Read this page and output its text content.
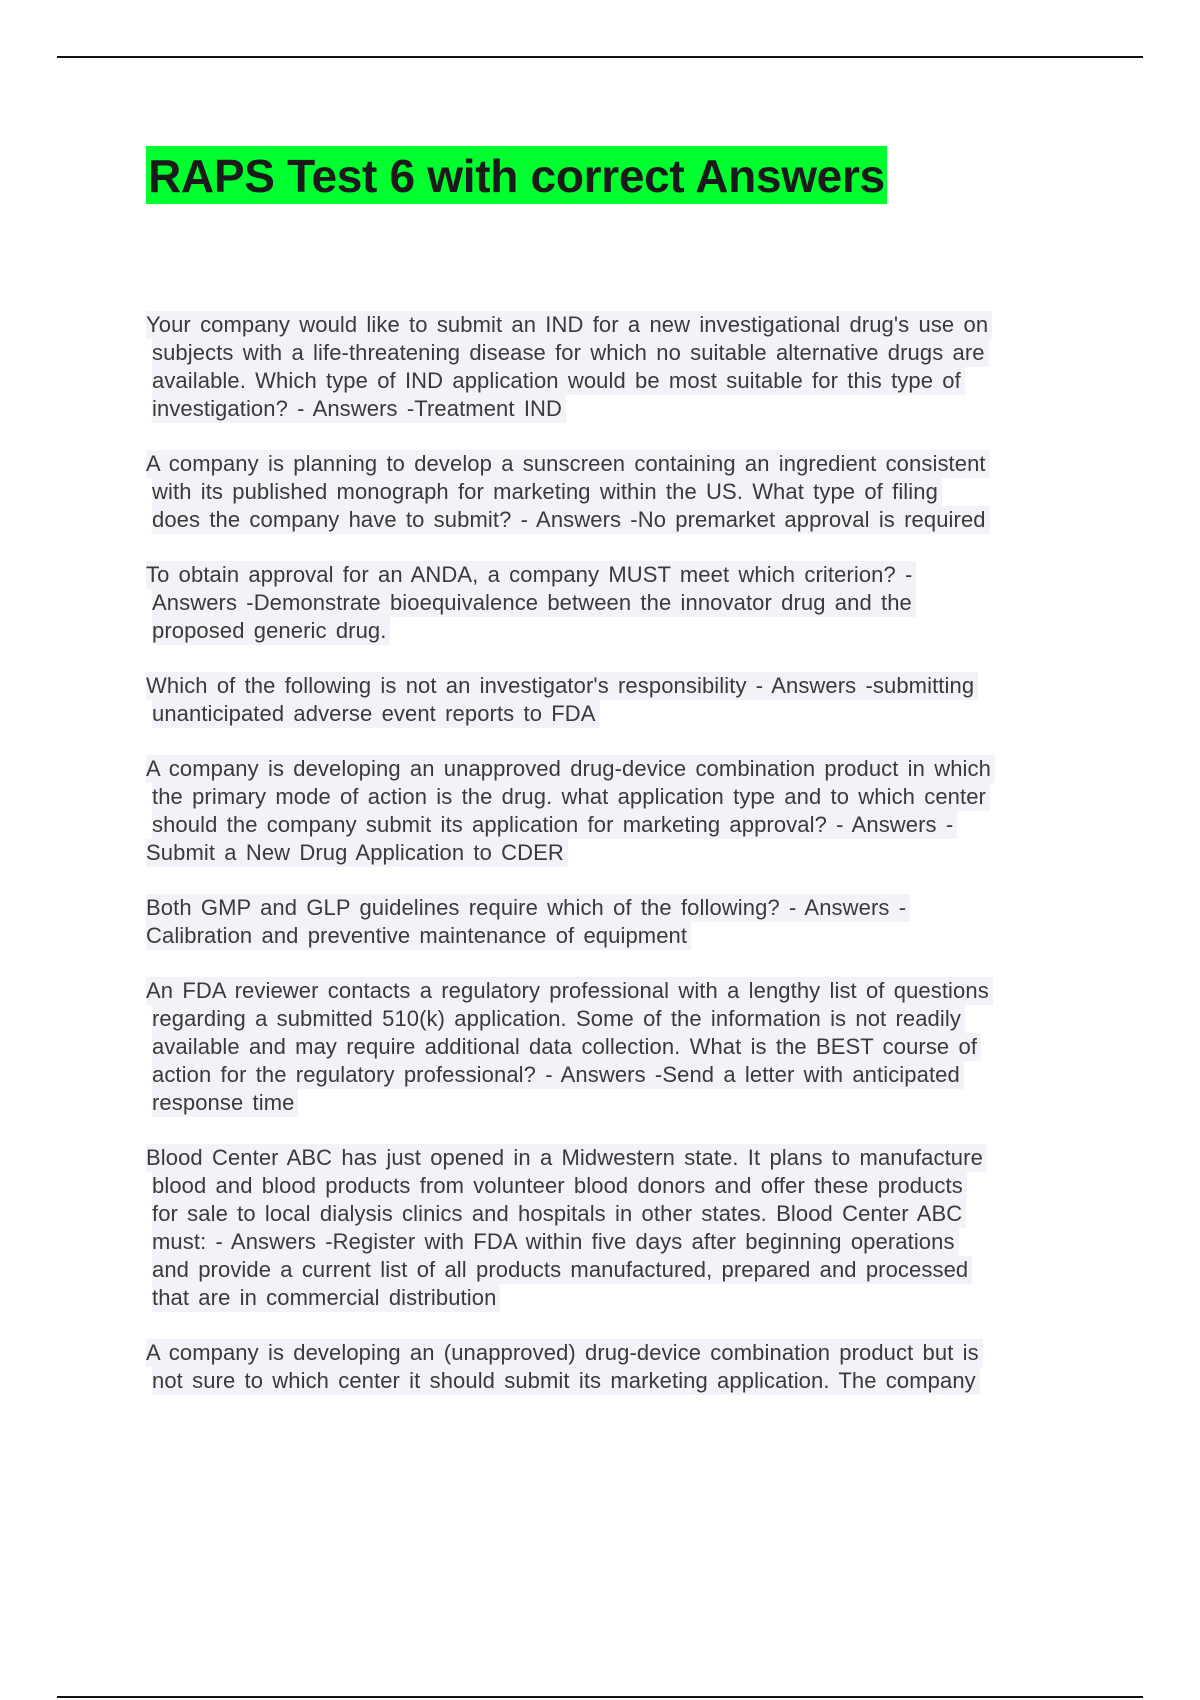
RAPS Test 6 with correct Answers
Your company would like to submit an IND for a new investigational drug's use on
subjects with a life-threatening disease for which no suitable alternative drugs are
available. Which type of IND application would be most suitable for this type of
investigation? - Answers -Treatment IND
A company is planning to develop a sunscreen containing an ingredient consistent
with its published monograph for marketing within the US. What type of filing
does the company have to submit? - Answers -No premarket approval is required
To obtain approval for an ANDA, a company MUST meet which criterion? -
Answers -Demonstrate bioequivalence between the innovator drug and the
proposed generic drug.
Which of the following is not an investigator's responsibility - Answers -submitting
unanticipated adverse event reports to FDA
A company is developing an unapproved drug-device combination product in which
the primary mode of action is the drug. what application type and to which center
should the company submit its application for marketing approval? - Answers -
Submit a New Drug Application to CDER
Both GMP and GLP guidelines require which of the following? - Answers -
Calibration and preventive maintenance of equipment
An FDA reviewer contacts a regulatory professional with a lengthy list of questions
regarding a submitted 510(k) application. Some of the information is not readily
available and may require additional data collection. What is the BEST course of
action for the regulatory professional? - Answers -Send a letter with anticipated
response time
Blood Center ABC has just opened in a Midwestern state. It plans to manufacture
blood and blood products from volunteer blood donors and offer these products
for sale to local dialysis clinics and hospitals in other states. Blood Center ABC
must: - Answers -Register with FDA within five days after beginning operations
and provide a current list of all products manufactured, prepared and processed
that are in commercial distribution
A company is developing an (unapproved) drug-device combination product but is
not sure to which center it should submit its marketing application. The company
